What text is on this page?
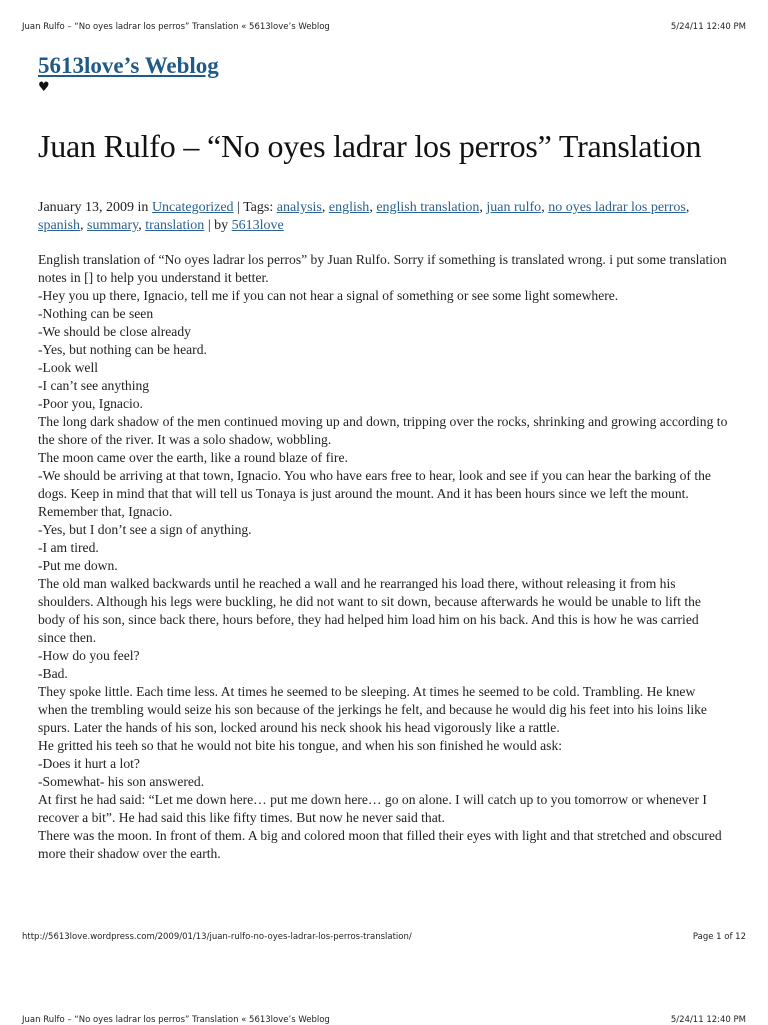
Juan Rulfo – “No oyes ladrar los perros” Translation « 5613love’s Weblog	5/24/11 12:40 PM
5613love’s Weblog
♥
Juan Rulfo – “No oyes ladrar los perros” Translation
January 13, 2009 in Uncategorized | Tags: analysis, english, english translation, juan rulfo, no oyes ladrar los perros, spanish, summary, translation | by 5613love

English translation of “No oyes ladrar los perros” by Juan Rulfo. Sorry if something is translated wrong. i put some translation notes in [] to help you understand it better.

-Hey you up there, Ignacio, tell me if you can not hear a signal of something or see some light somewhere.

-Nothing can be seen

-We should be close already

-Yes, but nothing can be heard.

-Look well

-I can’t see anything

-Poor you, Ignacio.

The long dark shadow of the men continued moving up and down, tripping over the rocks, shrinking and growing according to the shore of the river. It was a solo shadow, wobbling.

The moon came over the earth, like a round blaze of fire.

-We should be arriving at that town, Ignacio. You who have ears free to hear, look and see if you can hear the barking of the dogs. Keep in mind that that will tell us Tonaya is just around the mount. And it has been hours since we left the mount. Remember that, Ignacio.

-Yes, but I don’t see a sign of anything.

-I am tired.

-Put me down.

The old man walked backwards until he reached a wall and he rearranged his load there, without releasing it from his shoulders. Although his legs were buckling, he did not want to sit down, because afterwards he would be unable to lift the body of his son, since back there, hours before, they had helped him load him on his back. And this is how he was carried since then.

-How do you feel?

-Bad.

They spoke little. Each time less. At times he seemed to be sleeping. At times he seemed to be cold. Trambling. He knew when the trembling would seize his son because of the jerkings he felt, and because he would dig his feet into his loins like spurs. Later the hands of his son, locked around his neck shook his head vigorously like a rattle.

He gritted his teeh so that he would not bite his tongue, and when his son finished he would ask:

-Does it hurt a lot?

-Somewhat- his son answered.

At first he had said: “Let me down here… put me down here… go on alone. I will catch up to you tomorrow or whenever I recover a bit”. He had said this like fifty times. But now he never said that.

There was the moon. In front of them. A big and colored moon that filled their eyes with light and that stretched and obscured more their shadow over the earth.

http://5613love.wordpress.com/2009/01/13/juan-rulfo-no-oyes-ladrar-los-perros-translation/	Page 1 of 12
Juan Rulfo – “No oyes ladrar los perros” Translation « 5613love’s Weblog	5/24/11 12:40 PM
